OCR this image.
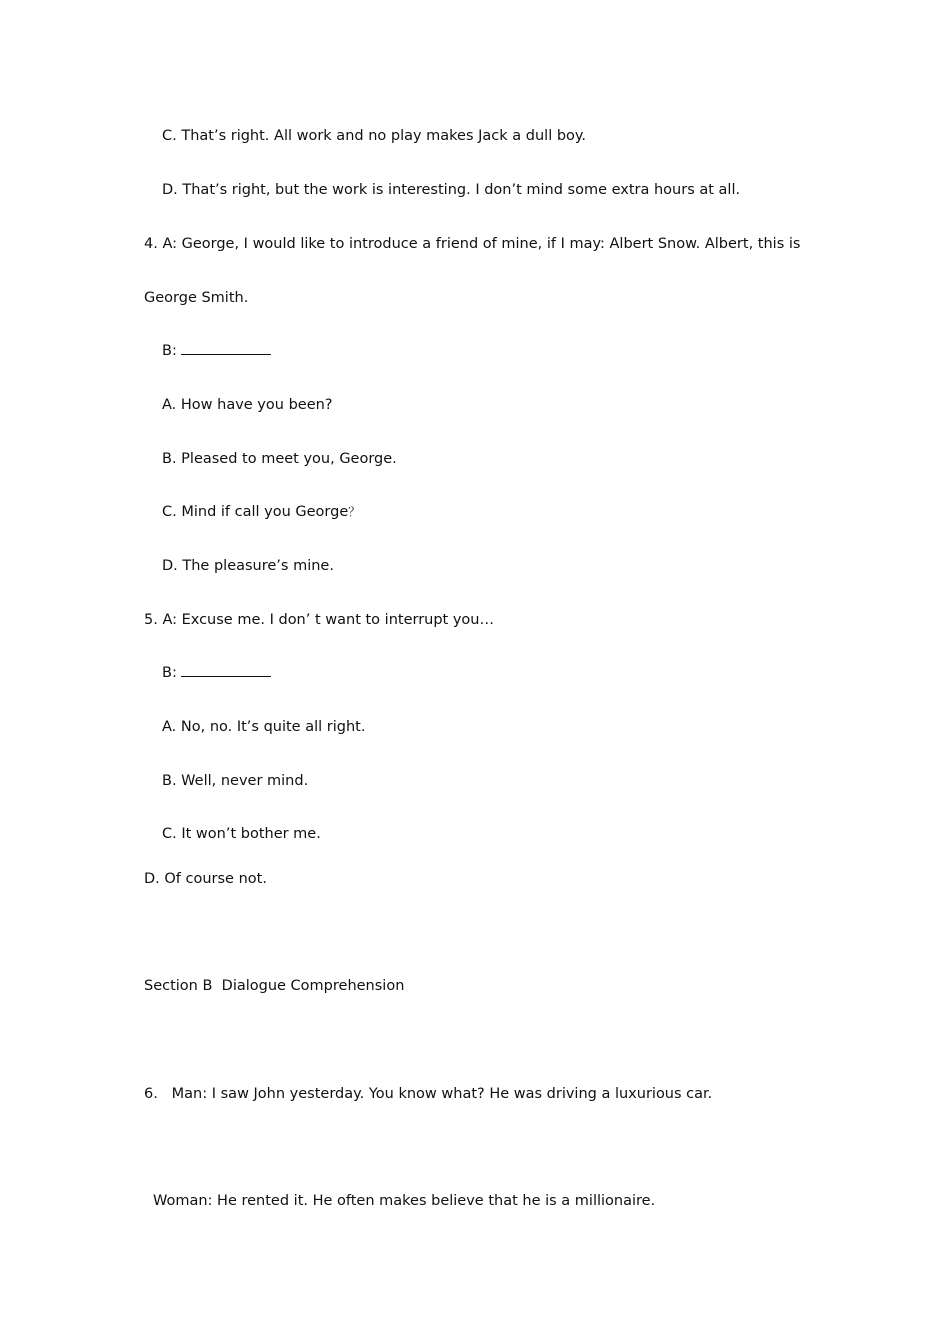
C. That’s right. All work and no play makes Jack a dull boy.
D. That’s right, but the work is interesting. I don’t mind some extra hours at all.
4. A: George, I would like to introduce a friend of mine, if I may: Albert Snow. Albert, this is
George Smith.
B:
A. How have you been?
B. Pleased to meet you, George.
C. Mind if call you George？
D. The pleasure’s mine.
5. A: Excuse me. I don’ t want to interrupt you…
B:
A. No, no. It’s quite all right.
B. Well, never mind.
C. It won’t bother me.
D. Of course not.
Section B  Dialogue Comprehension
6.   Man: I saw John yesterday. You know what? He was driving a luxurious car.
Woman: He rented it. He often makes believe that he is a millionaire.
